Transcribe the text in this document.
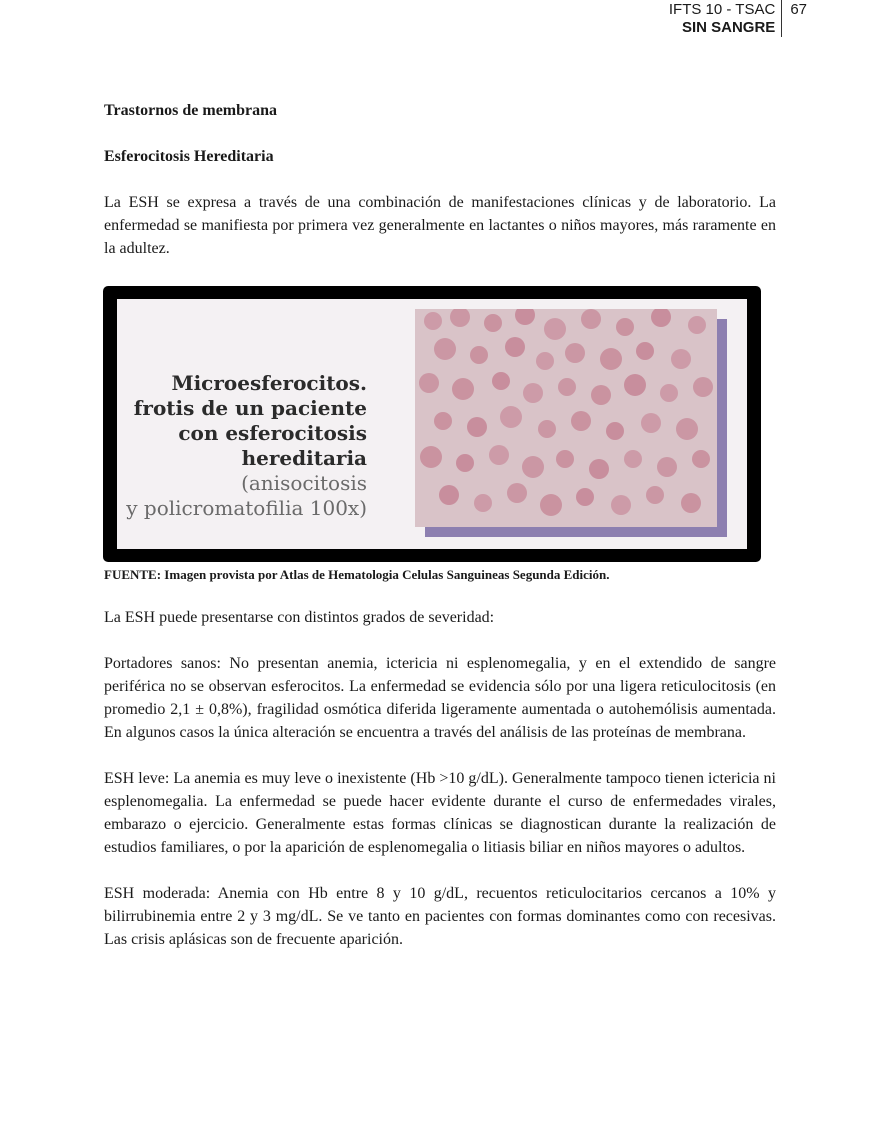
IFTS 10 - TSAC
SIN SANGRE
67

Trastornos de membrana

Esferocitosis Hereditaria

La ESH se expresa a través de una combinación de manifestaciones clínicas y de laboratorio. La enfermedad se manifiesta por primera vez generalmente en lactantes o niños mayores, más raramente en la adultez.

Microesferocitos.
frotis de un paciente
con esferocitosis
hereditaria (anisocitosis
y policromatofilia 100x)
FUENTE: Imagen provista por Atlas de Hematologia Celulas Sanguineas Segunda Edición.

La ESH puede presentarse con distintos grados de severidad:

Portadores sanos: No presentan anemia, ictericia ni esplenomegalia, y en el extendido de sangre periférica no se observan esferocitos. La enfermedad se evidencia sólo por una ligera reticulocitosis (en promedio 2,1 ± 0,8%), fragilidad osmótica diferida ligeramente aumentada o autohemólisis aumentada. En algunos casos la única alteración se encuentra a través del análisis de las proteínas de membrana.

ESH leve: La anemia es muy leve o inexistente (Hb >10 g/dL). Generalmente tampoco tienen ictericia ni esplenomegalia. La enfermedad se puede hacer evidente durante el curso de enfermedades virales, embarazo o ejercicio. Generalmente estas formas clínicas se diagnostican durante la realización de estudios familiares, o por la aparición de esplenomegalia o litiasis biliar en niños mayores o adultos.

ESH moderada: Anemia con Hb entre 8 y 10 g/dL, recuentos reticulocitarios cercanos a 10% y bilirrubinemia entre 2 y 3 mg/dL. Se ve tanto en pacientes con formas dominantes como con recesivas. Las crisis aplásicas son de frecuente aparición.
